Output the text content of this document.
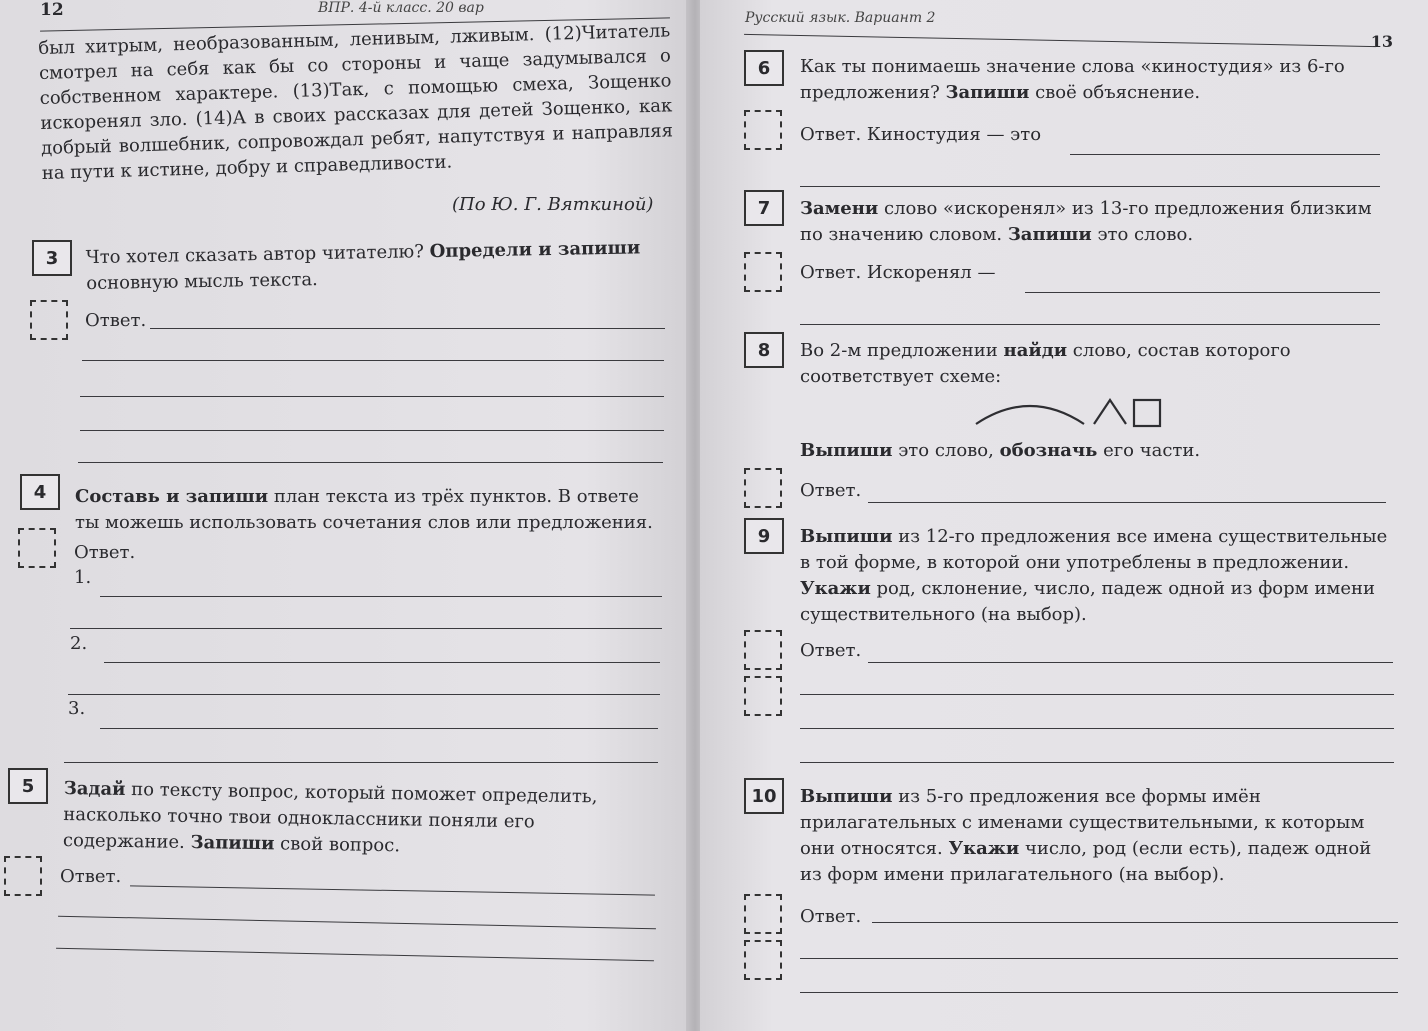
12	ВПР. 4-й класс. 20 вар
был хитрым, необразованным, ленивым, лживым. (12)Читатель смотрел на себя как бы со стороны и чаще задумывался о собственном характере. (13)Так, с помощью смеха, Зощенко искоренял зло. (14)А в своих рассказах для детей Зощенко, как добрый волшебник, сопровождал ребят, напутствуя и направляя на пути к истине, добру и справедливости.
(По Ю. Г. Вяткиной)
3	Что хотел сказать автор читателю? Определи и запиши основную мысль текста.
Ответ.
4	Составь и запиши план текста из трёх пунктов. В ответе ты можешь использовать сочетания слов или предложения.
Ответ.
1.
2.
3.
5	Задай по тексту вопрос, который поможет определить, насколько точно твои одноклассники поняли его содержание. Запиши свой вопрос.
Ответ.
Русский язык. Вариант 2
13
6	Как ты понимаешь значение слова «киностудия» из 6-го предложения? Запиши своё объяснение.
Ответ. Киностудия — это
7	Замени слово «искоренял» из 13-го предложения близким по значению словом. Запиши это слово.
Ответ. Искоренял —
8	Во 2-м предложении найди слово, состав которого соответствует схеме:
Выпиши это слово, обозначь его части.
Ответ.
9	Выпиши из 12-го предложения все имена существительные в той форме, в которой они употреблены в предложении. Укажи род, склонение, число, падеж одной из форм имени существительного (на выбор).
Ответ.
10	Выпиши из 5-го предложения все формы имён прилагательных с именами существительными, к которым они относятся. Укажи число, род (если есть), падеж одной из форм имени прилагательного (на выбор).
Ответ.
